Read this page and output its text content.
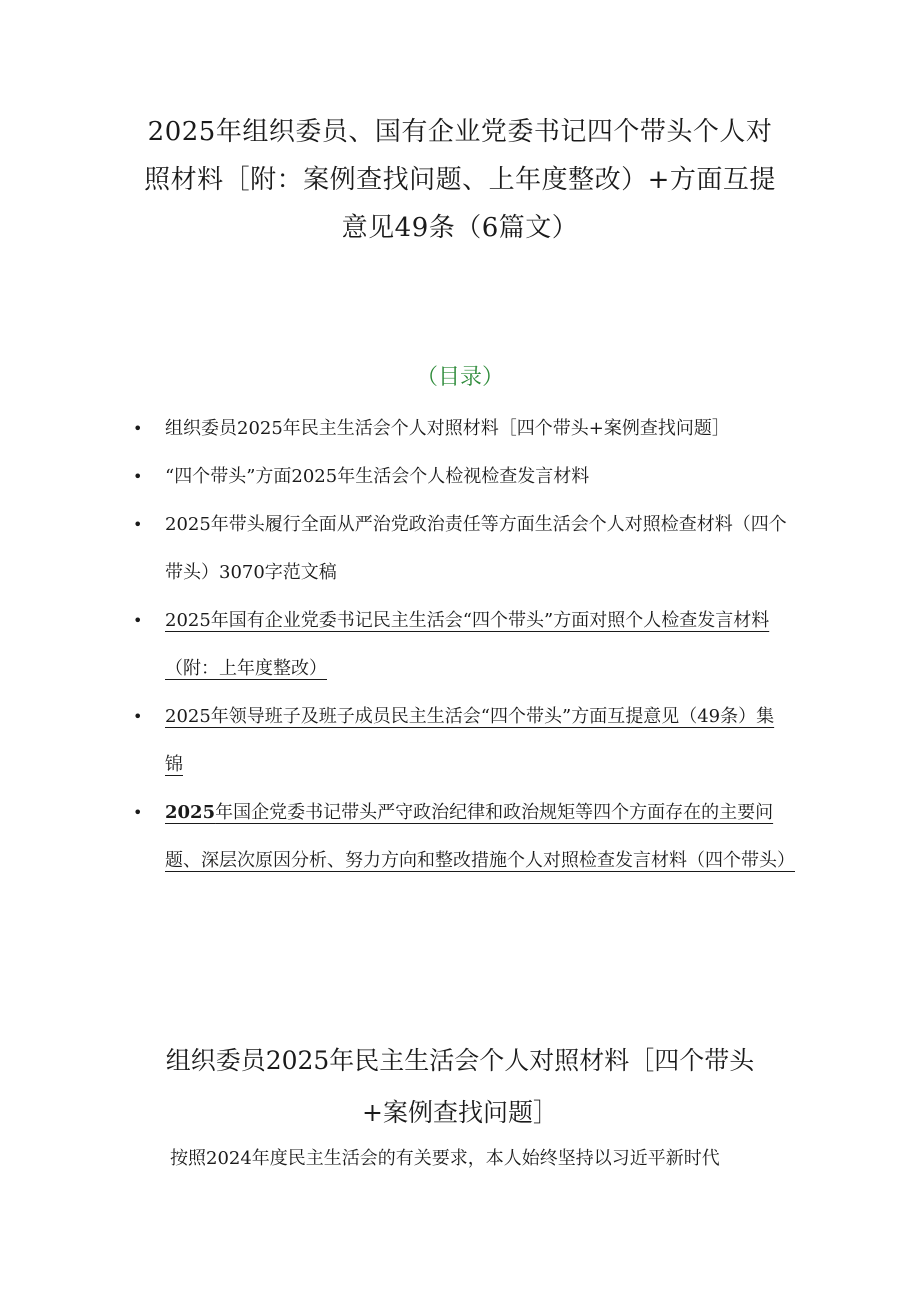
2025年组织委员、国有企业党委书记四个带头个人对
照材料［附：案例查找问题、上年度整改）+方面互提
意见49条（6篇文）
（目录）
• 组织委员2025年民主生活会个人对照材料［四个带头+案例查找问题］
• “四个带头”方面2025年生活会个人检视检查发言材料
• 2025年带头履行全面从严治党政治责任等方面生活会个人对照检查材料（四个带头）3070字范文稿
• 2025年国有企业党委书记民主生活会“四个带头”方面对照个人检查发言材料（附：上年度整改）
• 2025年领导班子及班子成员民主生活会“四个带头”方面互提意见（49条）集锦
• 2025年国企党委书记带头严守政治纪律和政治规矩等四个方面存在的主要问题、深层次原因分析、努力方向和整改措施个人对照检查发言材料（四个带头）
组织委员2025年民主生活会个人对照材料［四个带头
+案例查找问题］
按照2024年度民主生活会的有关要求，本人始终坚持以习近平新时代
